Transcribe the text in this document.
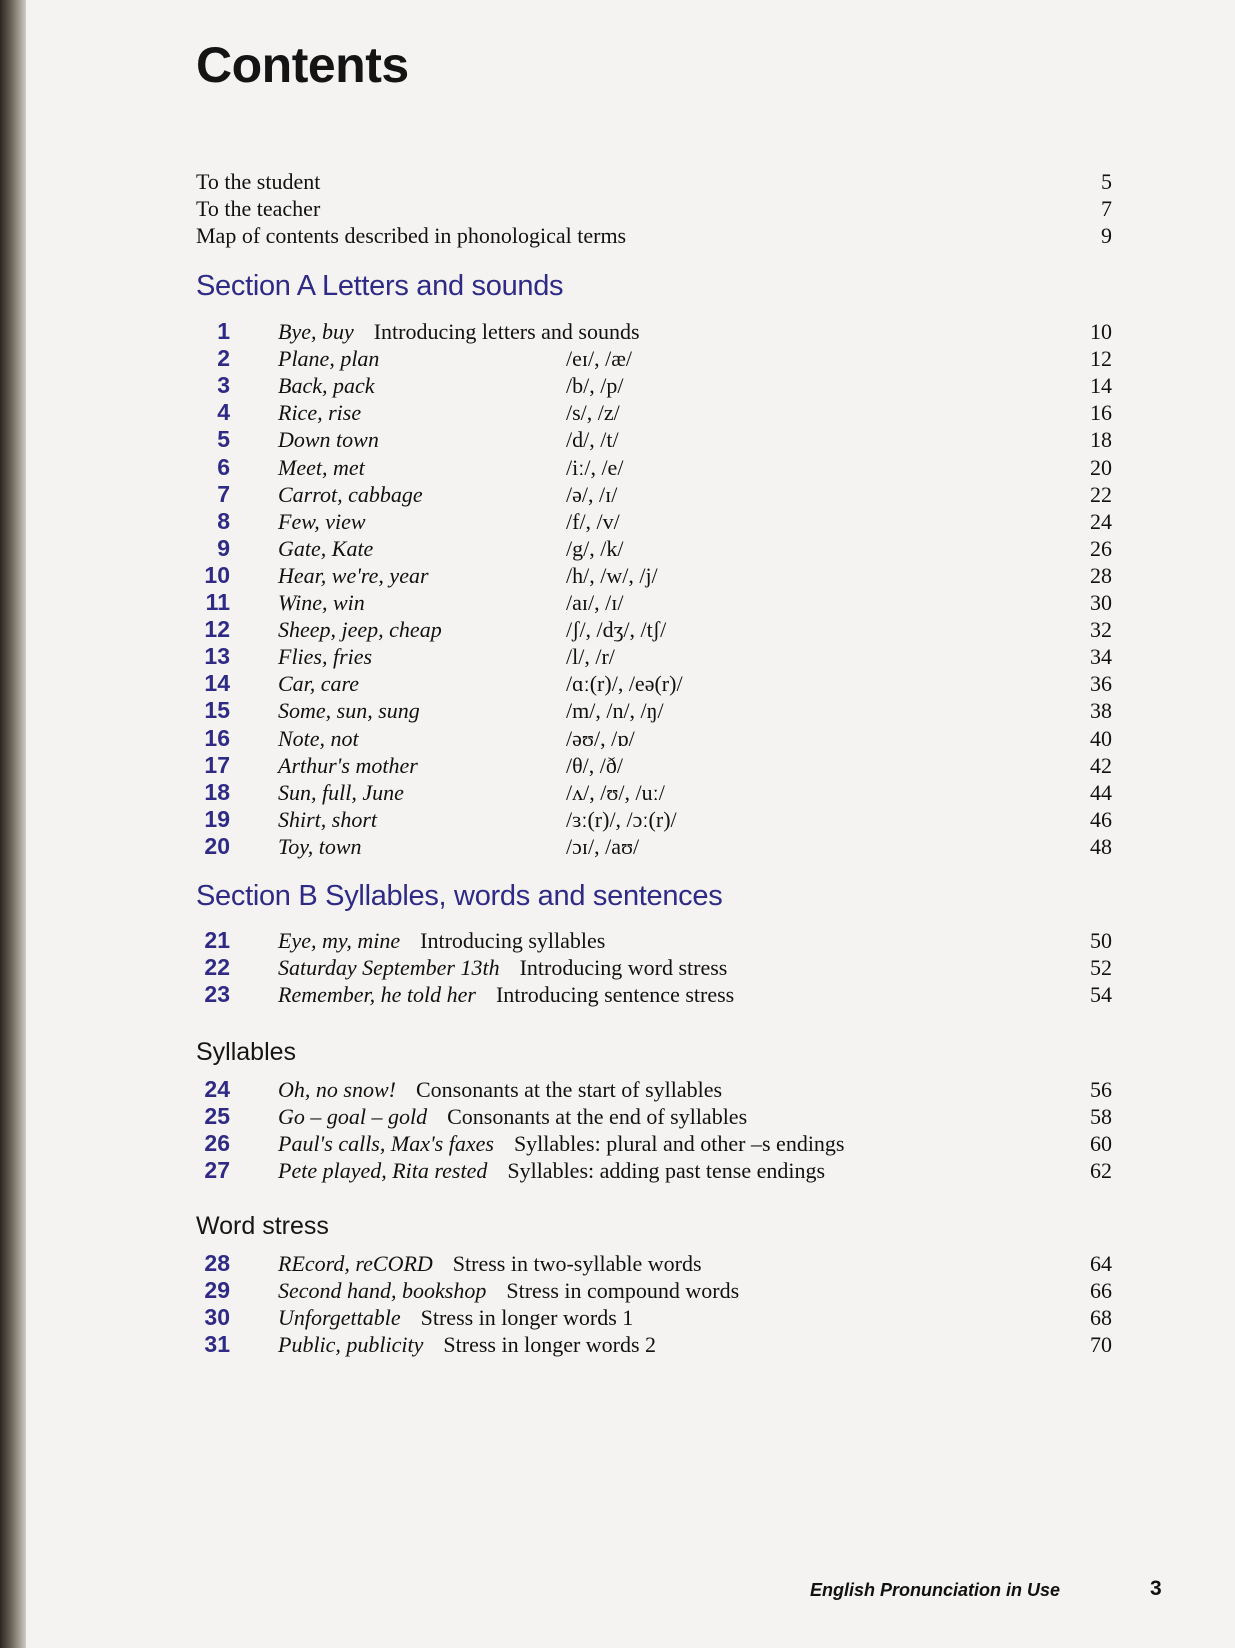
Contents
To the student	5
To the teacher	7
Map of contents described in phonological terms	9
Section A Letters and sounds
1 Bye, buy Introducing letters and sounds	10
2 Plane, plan	/eɪ/, /æ/	12
3 Back, pack	/b/, /p/	14
4 Rice, rise	/s/, /z/	16
5 Down town	/d/, /t/	18
6 Meet, met	/iː/, /e/	20
7 Carrot, cabbage	/ə/, /ɪ/	22
8 Few, view	/f/, /v/	24
9 Gate, Kate	/g/, /k/	26
10 Hear, we're, year	/h/, /w/, /j/	28
11 Wine, win	/aɪ/, /ɪ/	30
12 Sheep, jeep, cheap	/ʃ/, /dʒ/, /tʃ/	32
13 Flies, fries	/l/, /r/	34
14 Car, care	/ɑː(r)/, /eə(r)/	36
15 Some, sun, sung	/m/, /n/, /ŋ/	38
16 Note, not	/əʊ/, /ɒ/	40
17 Arthur's mother	/θ/, /ð/	42
18 Sun, full, June	/ʌ/, /ʊ/, /uː/	44
19 Shirt, short	/ɜː(r)/, /ɔː(r)/	46
20 Toy, town	/ɔɪ/, /aʊ/	48
Section B Syllables, words and sentences
21 Eye, my, mine Introducing syllables	50
22 Saturday September 13th Introducing word stress	52
23 Remember, he told her Introducing sentence stress	54
Syllables
24 Oh, no snow! Consonants at the start of syllables	56
25 Go – goal – gold Consonants at the end of syllables	58
26 Paul's calls, Max's faxes Syllables: plural and other –s endings	60
27 Pete played, Rita rested Syllables: adding past tense endings	62
Word stress
28 REcord, reCORD Stress in two-syllable words	64
29 Second hand, bookshop Stress in compound words	66
30 Unforgettable Stress in longer words 1	68
31 Public, publicity Stress in longer words 2	70
English Pronunciation in Use	3
